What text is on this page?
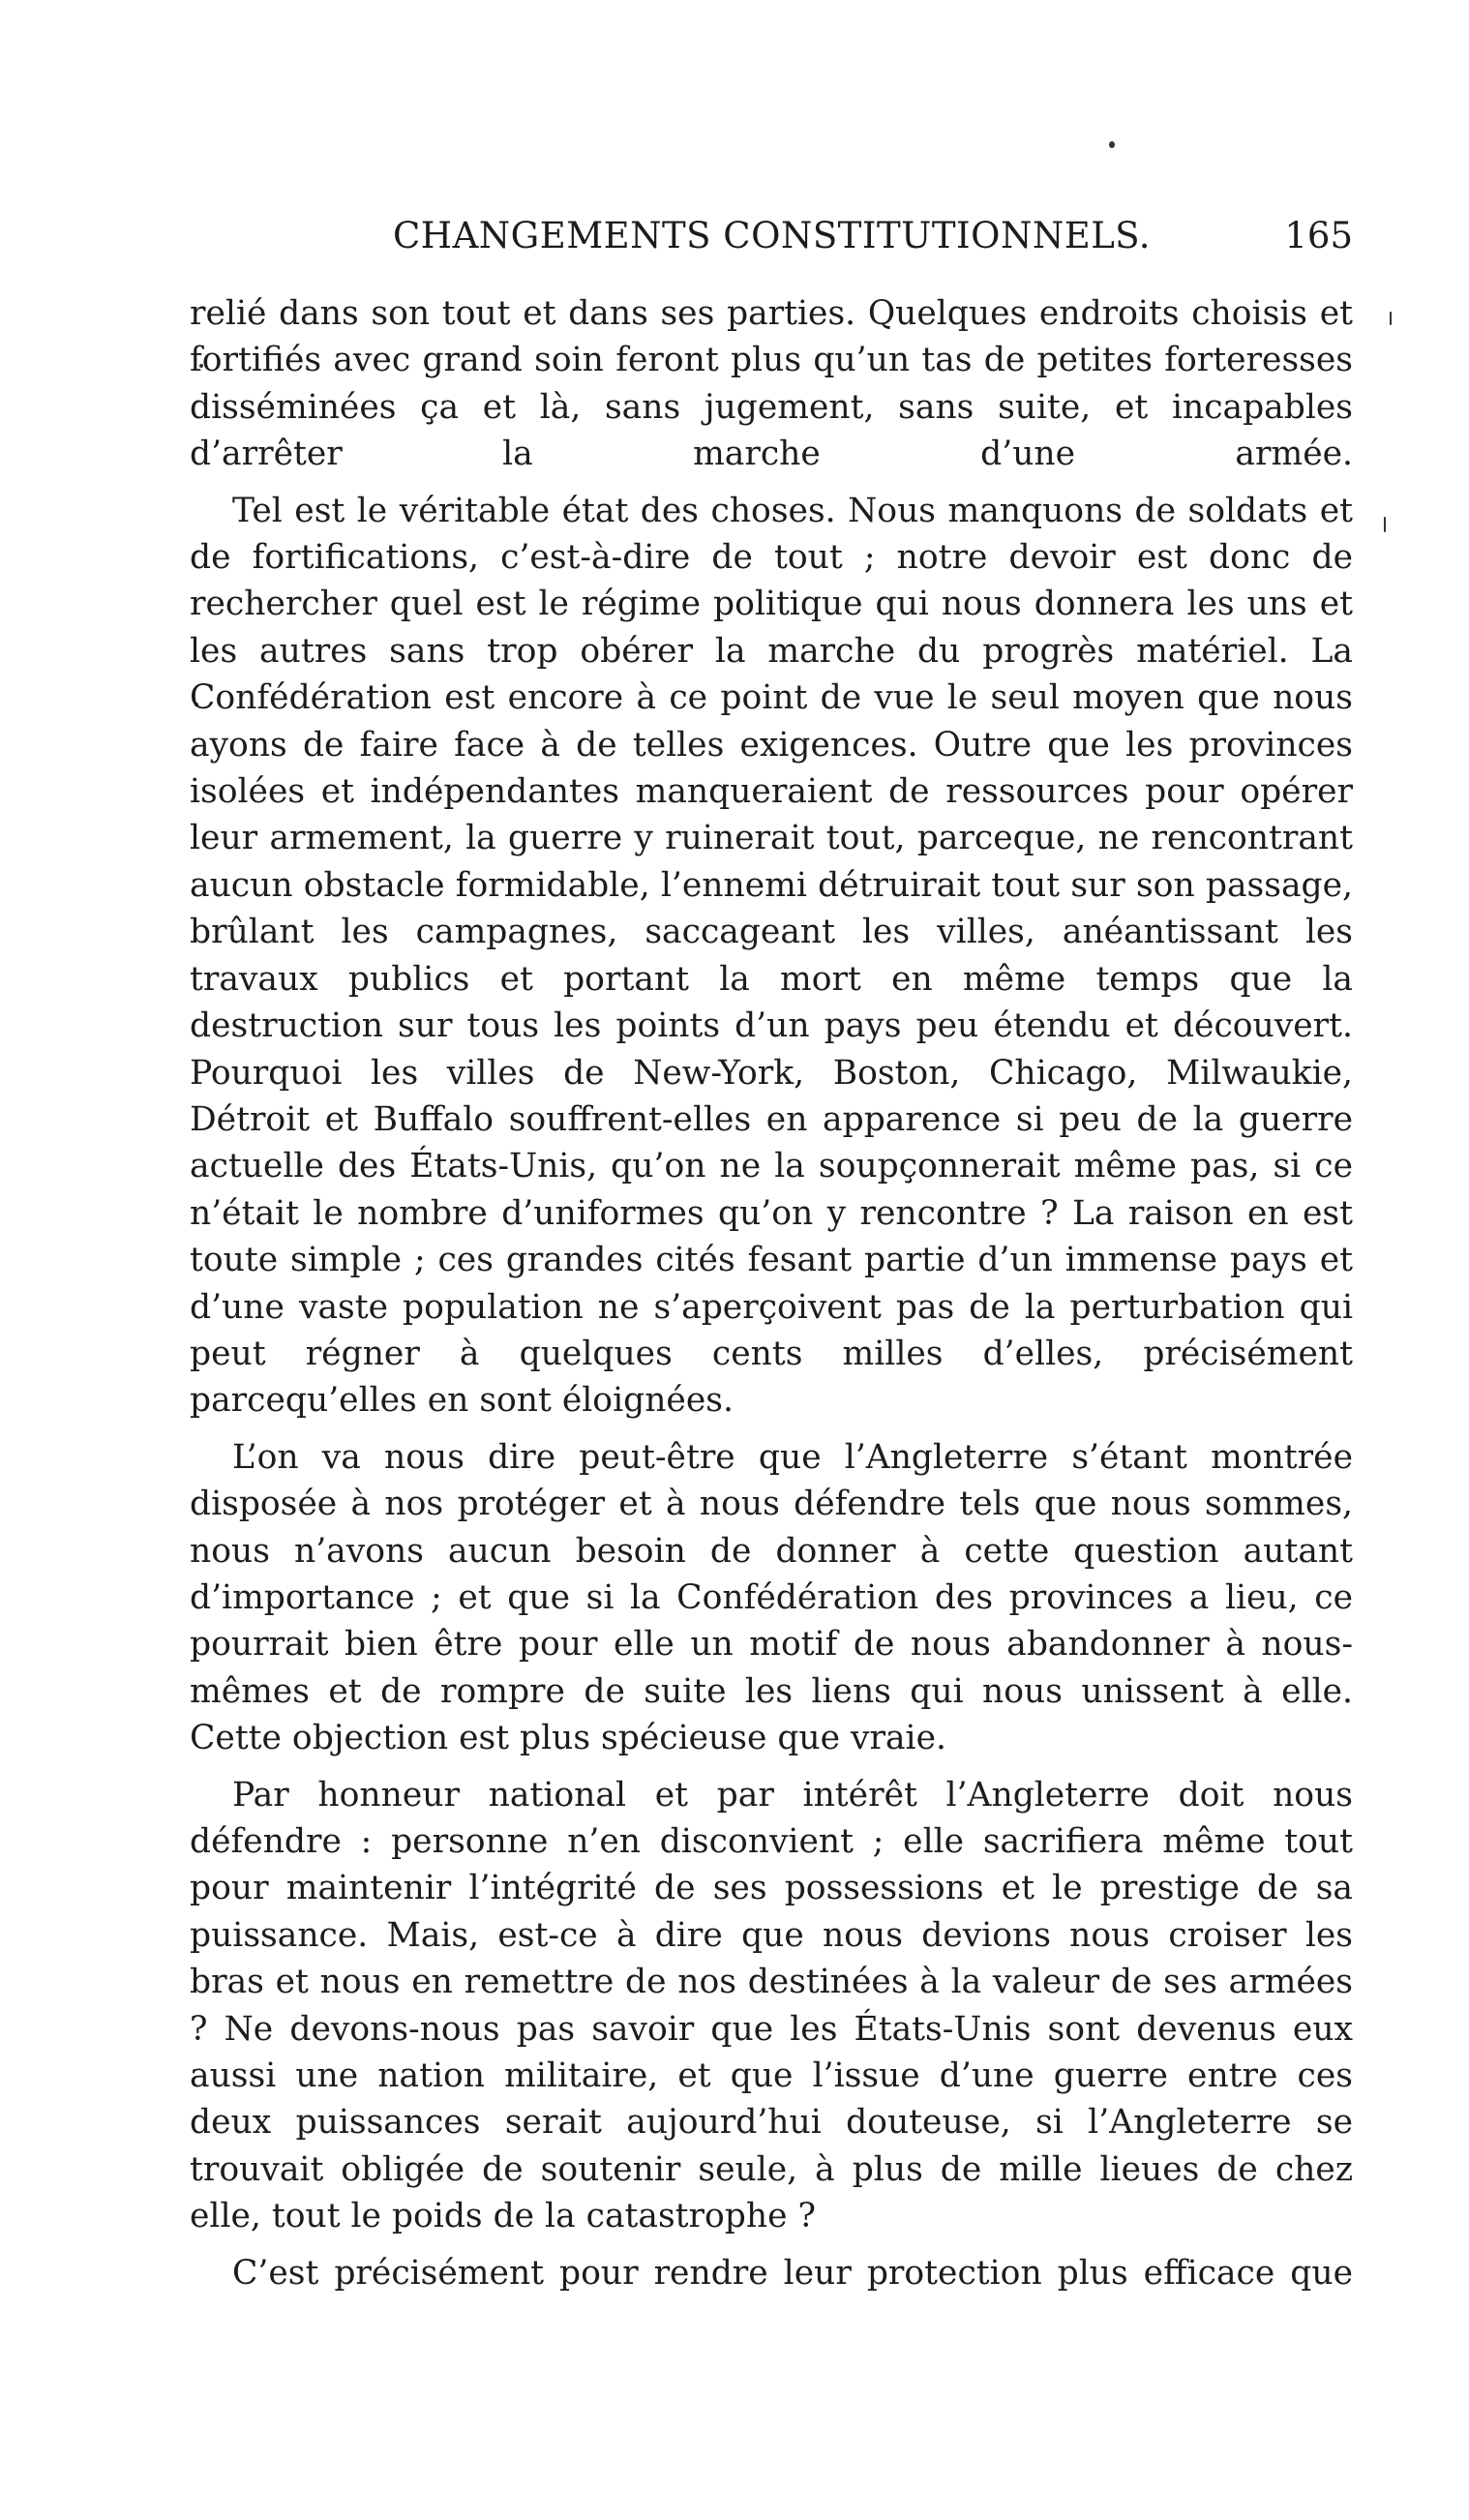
CHANGEMENTS CONSTITUTIONNELS.	165

relié dans son tout et dans ses parties. Quelques endroits choisis et fortifiés avec grand soin feront plus qu’un tas de petites forteresses disséminées ça et là, sans jugement, sans suite, et incapables d’arrêter la marche d’une armée.

Tel est le véritable état des choses. Nous manquons de soldats et de fortifications, c’est-à-dire de tout ; notre devoir est donc de rechercher quel est le régime politique qui nous donnera les uns et les autres sans trop obérer la marche du progrès matériel. La Confédération est encore à ce point de vue le seul moyen que nous ayons de faire face à de telles exigences. Outre que les provinces isolées et indépendantes manqueraient de ressources pour opérer leur armement, la guerre y ruinerait tout, parceque, ne rencontrant aucun obstacle formidable, l’ennemi détruirait tout sur son passage, brûlant les campagnes, saccageant les villes, anéantissant les travaux publics et portant la mort en même temps que la destruction sur tous les points d’un pays peu étendu et découvert. Pourquoi les villes de New-York, Boston, Chicago, Milwaukie, Détroit et Buffalo souffrent-elles en apparence si peu de la guerre actuelle des États-Unis, qu’on ne la soupçonnerait même pas, si ce n’était le nombre d’uniformes qu’on y rencontre ? La raison en est toute simple ; ces grandes cités fesant partie d’un immense pays et d’une vaste population ne s’aperçoivent pas de la perturbation qui peut régner à quelques cents milles d’elles, précisément parcequ’elles en sont éloignées.

L’on va nous dire peut-être que l’Angleterre s’étant montrée disposée à nos protéger et à nous défendre tels que nous sommes, nous n’avons aucun besoin de donner à cette question autant d’importance ; et que si la Confédération des provinces a lieu, ce pourrait bien être pour elle un motif de nous abandonner à nous-mêmes et de rompre de suite les liens qui nous unissent à elle. Cette objection est plus spécieuse que vraie.

Par honneur national et par intérêt l’Angleterre doit nous défendre : personne n’en disconvient ; elle sacrifiera même tout pour maintenir l’intégrité de ses possessions et le prestige de sa puissance. Mais, est-ce à dire que nous devions nous croiser les bras et nous en remettre de nos destinées à la valeur de ses armées ? Ne devons-nous pas savoir que les États-Unis sont devenus eux aussi une nation militaire, et que l’issue d’une guerre entre ces deux puissances serait aujourd’hui douteuse, si l’Angleterre se trouvait obligée de soutenir seule, à plus de mille lieues de chez elle, tout le poids de la catastrophe ?

C’est précisément pour rendre leur protection plus efficace que
